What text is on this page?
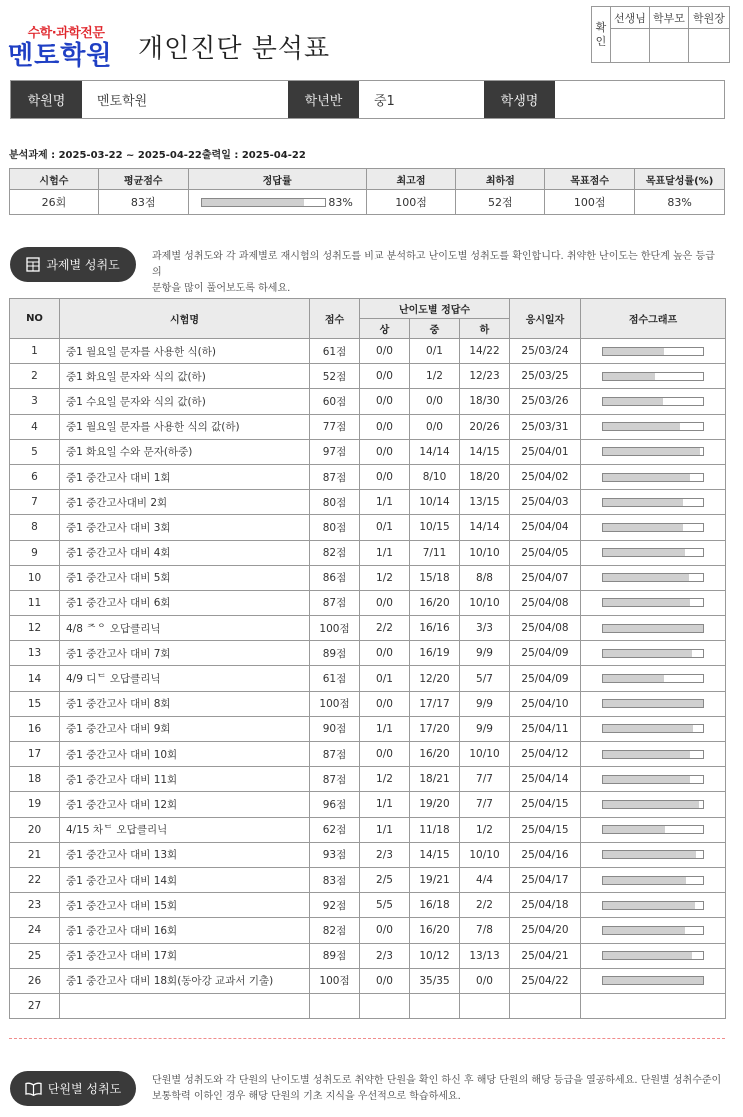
수학·과학전문
멘토학원 개인진단 분석표
확인	선생님	학부모	학원장

학원명	멘토학원	학년반	중1	학생명	ᅟᅟ
분석과제 : 2025-03-22 ~ 2025-04-22출력일 : 2025-04-22
시험수	평균점수	정답률	최고점	최하점	목표점수	목표달성률(%)
26회	83점	83%	100점	52점	100점	83%
과제별 성취도
과제별 성취도와 각 과제별로 재시험의 성취도를 비교 분석하고 난이도별 성취도를 확인합니다. 취약한 난이도는 한단계 높은 등급의
문항을 많이 풀어보도록 하세요.
NO	시험명	점수	난이도별 정답수			응시일자	점수그래프
			상	중	하		
1	중1 월요일 문자를 사용한 식(하)	61점	0/0	0/1	14/22	25/03/24	

2	중1 화요일 문자와 식의 값(하)	52점	0/0	1/2	12/23	25/03/25	

3	중1 수요일 문자와 식의 값(하)	60점	0/0	0/0	18/30	25/03/26	

4	중1 월요일 문자를 사용한 식의 값(하)	77점	0/0	0/0	20/26	25/03/31	

5	중1 화요일 수와 문자(하중)	97점	0/0	14/14	14/15	25/04/01	

6	중1 중간고사 대비 1회	87점	0/0	8/10	18/20	25/04/02	

7	중1 중간고사대비 2회	80점	1/1	10/14	13/15	25/04/03	

8	중1 중간고사 대비 3회	80점	0/1	10/15	14/14	25/04/04	

9	중1 중간고사 대비 4회	82점	1/1	7/11	10/10	25/04/05	

10	중1 중간고사 대비 5회	86점	1/2	15/18	8/8	25/04/07	

11	중1 중간고사 대비 6회	87점	0/0	16/20	10/10	25/04/08	

12	4/8 ᄌᄋ 오답클리닉	100점	2/2	16/16	3/3	25/04/08	

13	중1 중간고사 대비 7회	89점	0/0	16/19	9/9	25/04/09	

14	4/9 디ᄃ 오답클리닉	61점	0/1	12/20	5/7	25/04/09	

15	중1 중간고사 대비 8회	100점	0/0	17/17	9/9	25/04/10	

16	중1 중간고사 대비 9회	90점	1/1	17/20	9/9	25/04/11	

17	중1 중간고사 대비 10회	87점	0/0	16/20	10/10	25/04/12	

18	중1 중간고사 대비 11회	87점	1/2	18/21	7/7	25/04/14	

19	중1 중간고사 대비 12회	96점	1/1	19/20	7/7	25/04/15	

20	4/15 차ᄃ 오답클리닉	62점	1/1	11/18	1/2	25/04/15	

21	중1 중간고사 대비 13회	93점	2/3	14/15	10/10	25/04/16	

22	중1 중간고사 대비 14회	83점	2/5	19/21	4/4	25/04/17	

23	중1 중간고사 대비 15회	92점	5/5	16/18	2/2	25/04/18	

24	중1 중간고사 대비 16회	82점	0/0	16/20	7/8	25/04/20	

25	중1 중간고사 대비 17회	89점	2/3	10/12	13/13	25/04/21	

26	중1 중간고사 대비 18회(동아강 교과서 기출)	100점	0/0	35/35	0/0	25/04/22	

27							
단원별 성취도
단원별 성취도와 각 단원의 난이도별 성취도로 취약한 단원을 확인 하신 후 해당 단원의 해당 등급을 열공하세요. 단원별 성취수준이
보통학력 이하인 경우 해당 단원의 기초 지식을 우선적으로 학습하세요.
